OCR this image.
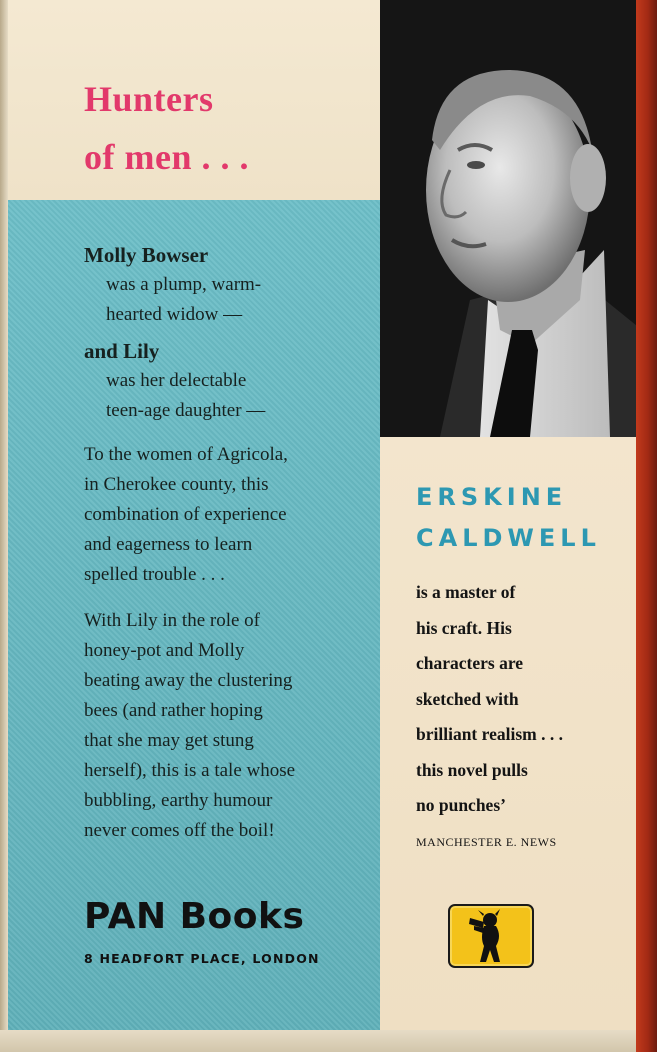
Hunters
of men . . .
Molly Bowser
was a plump, warm-
hearted widow —
and Lily
was her delectable
teen-age daughter —
To the women of Agricola,
in Cherokee county, this
combination of experience
and eagerness to learn
spelled trouble . . .
With Lily in the role of
honey-pot and Molly
beating away the clustering
bees (and rather hoping
that she may get stung
herself), this is a tale whose
bubbling, earthy humour
never comes off the boil!
PAN Books
8 HEADFORT PLACE, LONDON
ERSKINE
CALDWELL
is a master of
his craft. His
characters are
sketched with
brilliant realism . . .
this novel pulls
no punches’
MANCHESTER E. NEWS
